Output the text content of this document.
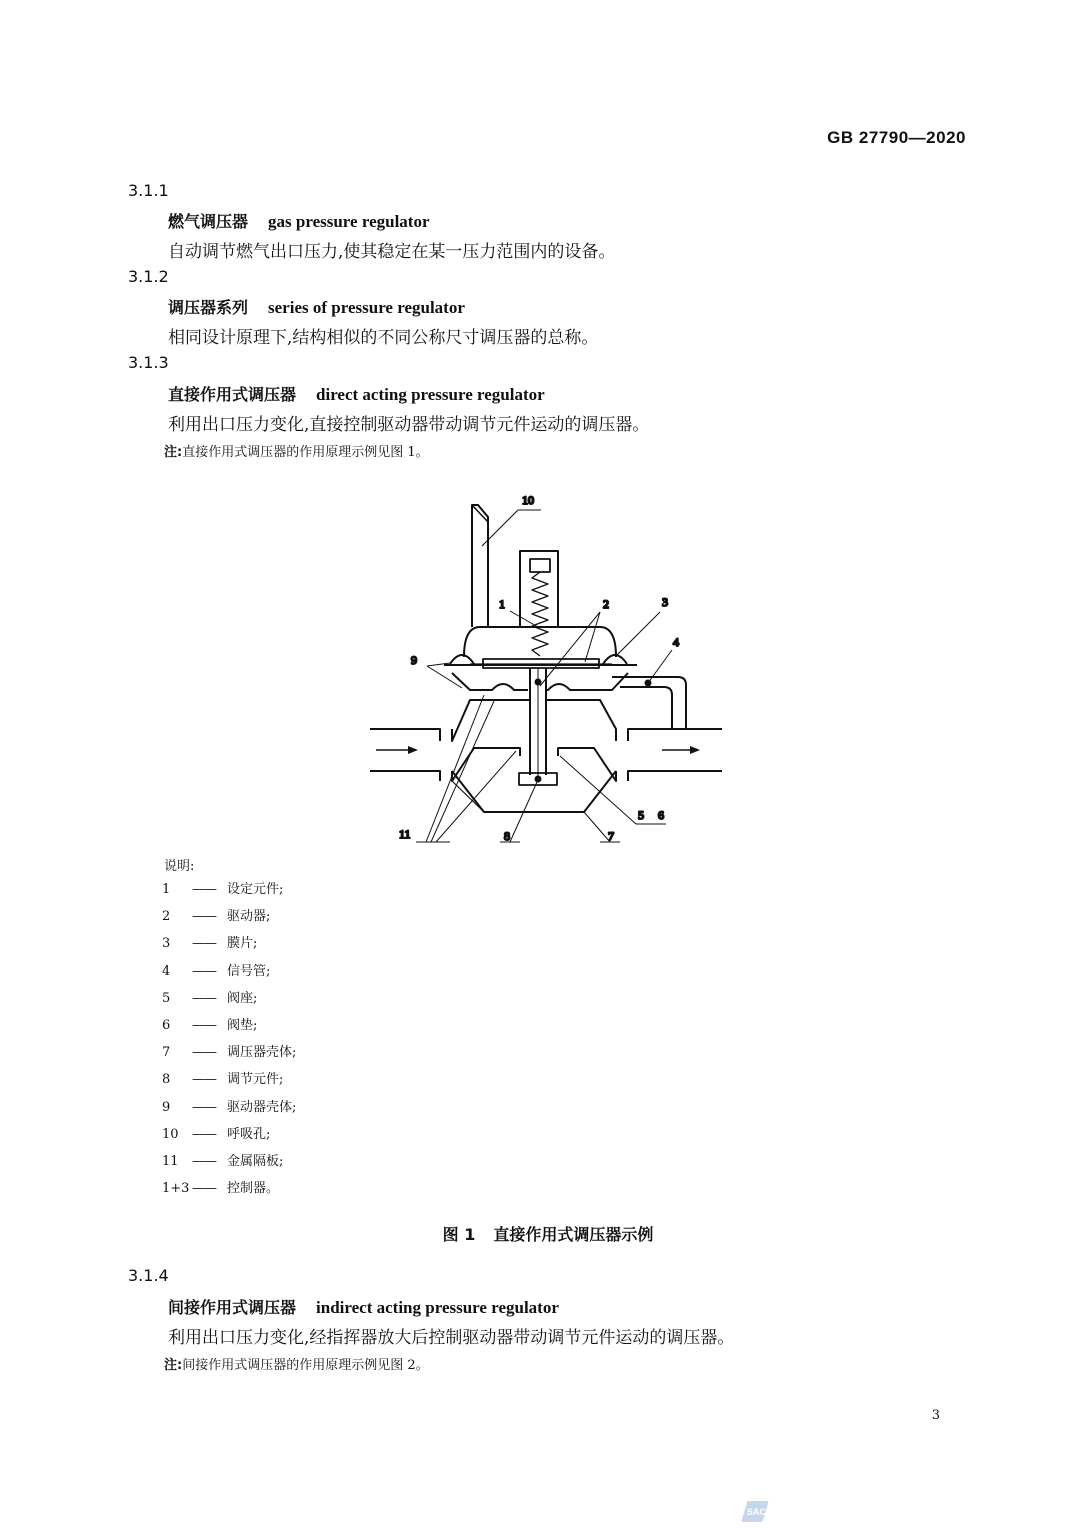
GB 27790—2020
3.1.1
燃气调压器 gas pressure regulator
自动调节燃气出口压力,使其稳定在某一压力范围内的设备。
3.1.2
调压器系列 series of pressure regulator
相同设计原理下,结构相似的不同公称尺寸调压器的总称。
3.1.3
直接作用式调压器 direct acting pressure regulator
利用出口压力变化,直接控制驱动器带动调节元件运动的调压器。
注:直接作用式调压器的作用原理示例见图 1。
10
1	2	3
4
9
5 6
7
8
11
说明:
1	—— 设定元件;
2	—— 驱动器;
3	—— 膜片;
4	—— 信号管;
5	—— 阀座;
6	—— 阀垫;
7	—— 调压器壳体;
8	—— 调节元件;
9	—— 驱动器壳体;
10	—— 呼吸孔;
11	—— 金属隔板;
1+3 —— 控制器。
图 1 直接作用式调压器示例
3.1.4
间接作用式调压器 indirect acting pressure regulator
利用出口压力变化,经指挥器放大后控制驱动器带动调节元件运动的调压器。
注:间接作用式调压器的作用原理示例见图 2。
3
SAC
